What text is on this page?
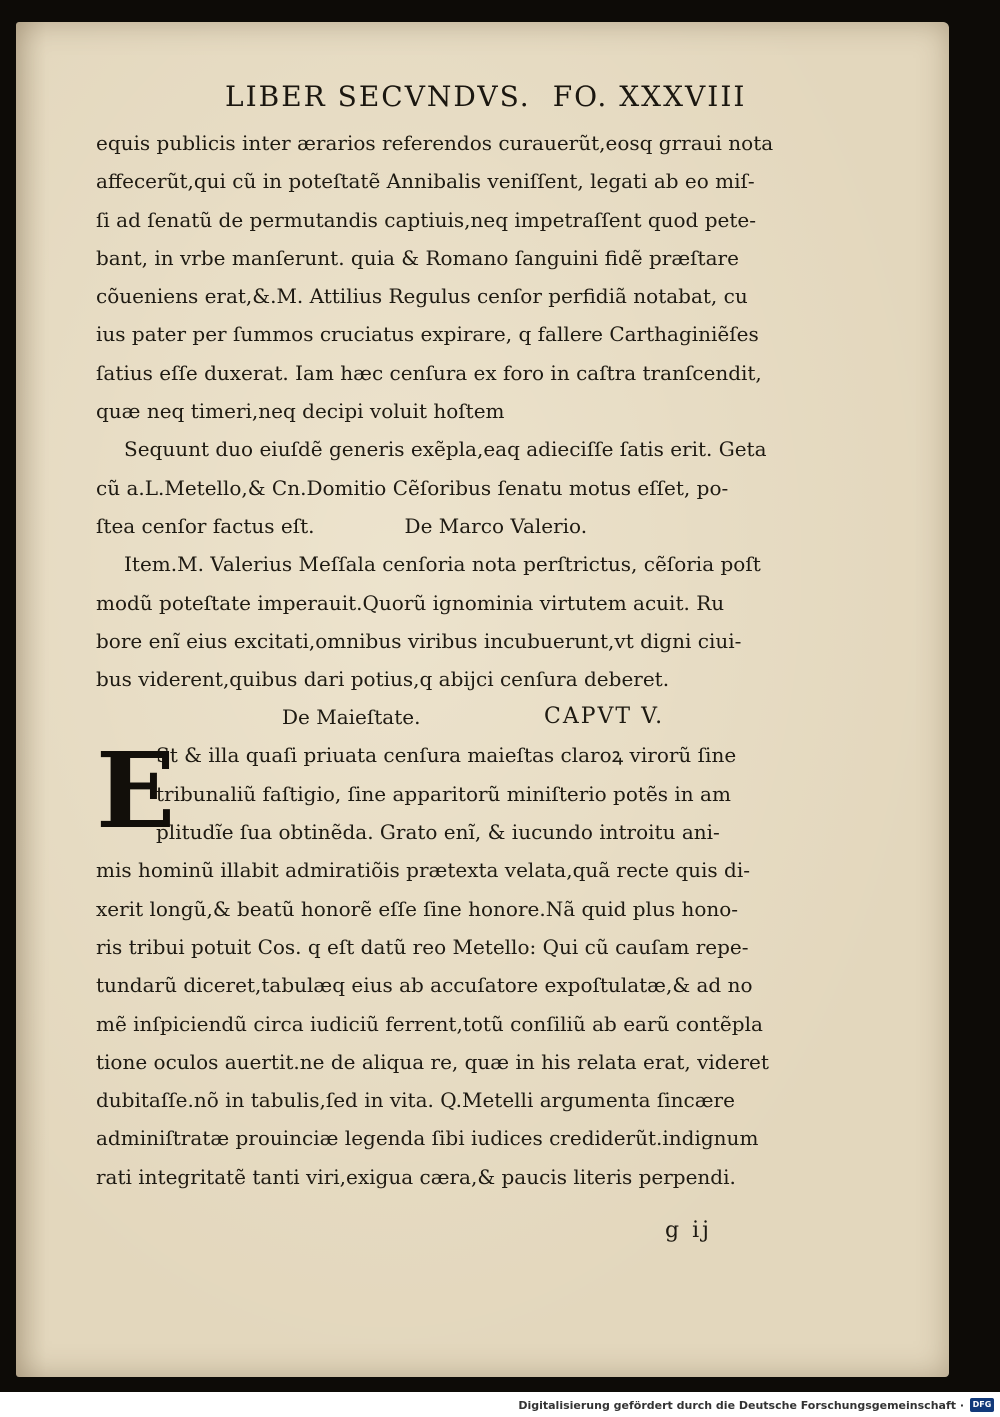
LIBER SECVNDVS. FO. XXXVIII
equis publicis inter ærarios referendos curauerũt,eosq grraui nota
affecerũt,qui cũ in poteſtatẽ Annibalis veniſſent, legati ab eo miſ-
ſi ad ſenatũ de permutandis captiuis,neq impetraſſent quod pete-
bant, in vrbe manſerunt. quia & Romano ſanguini fidẽ præſtare
cõueniens erat,&.M. Attilius Regulus cenſor perfidiã notabat, cu
ius pater per ſummos cruciatus expirare, q fallere Carthaginiẽſes
ſatius eſſe duxerat. Iam hæc cenſura ex foro in caſtra tranſcendit,
quæ neq timeri,neq decipi voluit hoſtem
Sequunt duo eiuſdẽ generis exẽpla,eaq adieciſſe ſatis erit. Geta
cũ a.L.Metello,& Cn.Domitio Cẽſoribus ſenatu motus eſſet, po-
ſtea cenſor factus eſt.	De Marco Valerio.
Item.M. Valerius Meſſala cenſoria nota perſtrictus, cẽſoria poſt
modũ poteſtate imperauit.Quorũ ignominia virtutem acuit. Ru
bore enĩ eius excitati,omnibus viribus incubuerunt,vt digni ciui-
bus viderent,quibus dari potius,q abijci cenſura deberet.
De Maieſtate.	CAPVT V.
E
St & illa quaſi priuata cenſura maieſtas claroꝝ virorũ ſine
tribunaliũ faſtigio, ſine apparitorũ miniſterio potẽs in am
plitudĩe ſua obtinẽda. Grato enĩ, & iucundo introitu ani-
mis hominũ illabit admiratiõis prætexta velata,quã recte quis di-
xerit longũ,& beatũ honorẽ eſſe ſine honore.Nã quid plus hono-
ris tribui potuit Cos. q eſt datũ reo Metello: Qui cũ cauſam repe-
tundarũ diceret,tabulæq eius ab accuſatore expoſtulatæ,& ad no
mẽ inſpiciendũ circa iudiciũ ferrent,totũ conſiliũ ab earũ contẽpla
tione oculos auertit.ne de aliqua re, quæ in his relata erat, videret
dubitaſſe.nõ in tabulis,ſed in vita. Q.Metelli argumenta ſincære
adminiſtratæ prouinciæ legenda ſibi iudices crediderũt.indignum
rati integritatẽ tanti viri,exigua cæra,& paucis literis perpendi.
g ij
Digitalisierung gefördert durch die Deutsche Forschungsgemeinschaft ·	DFG
